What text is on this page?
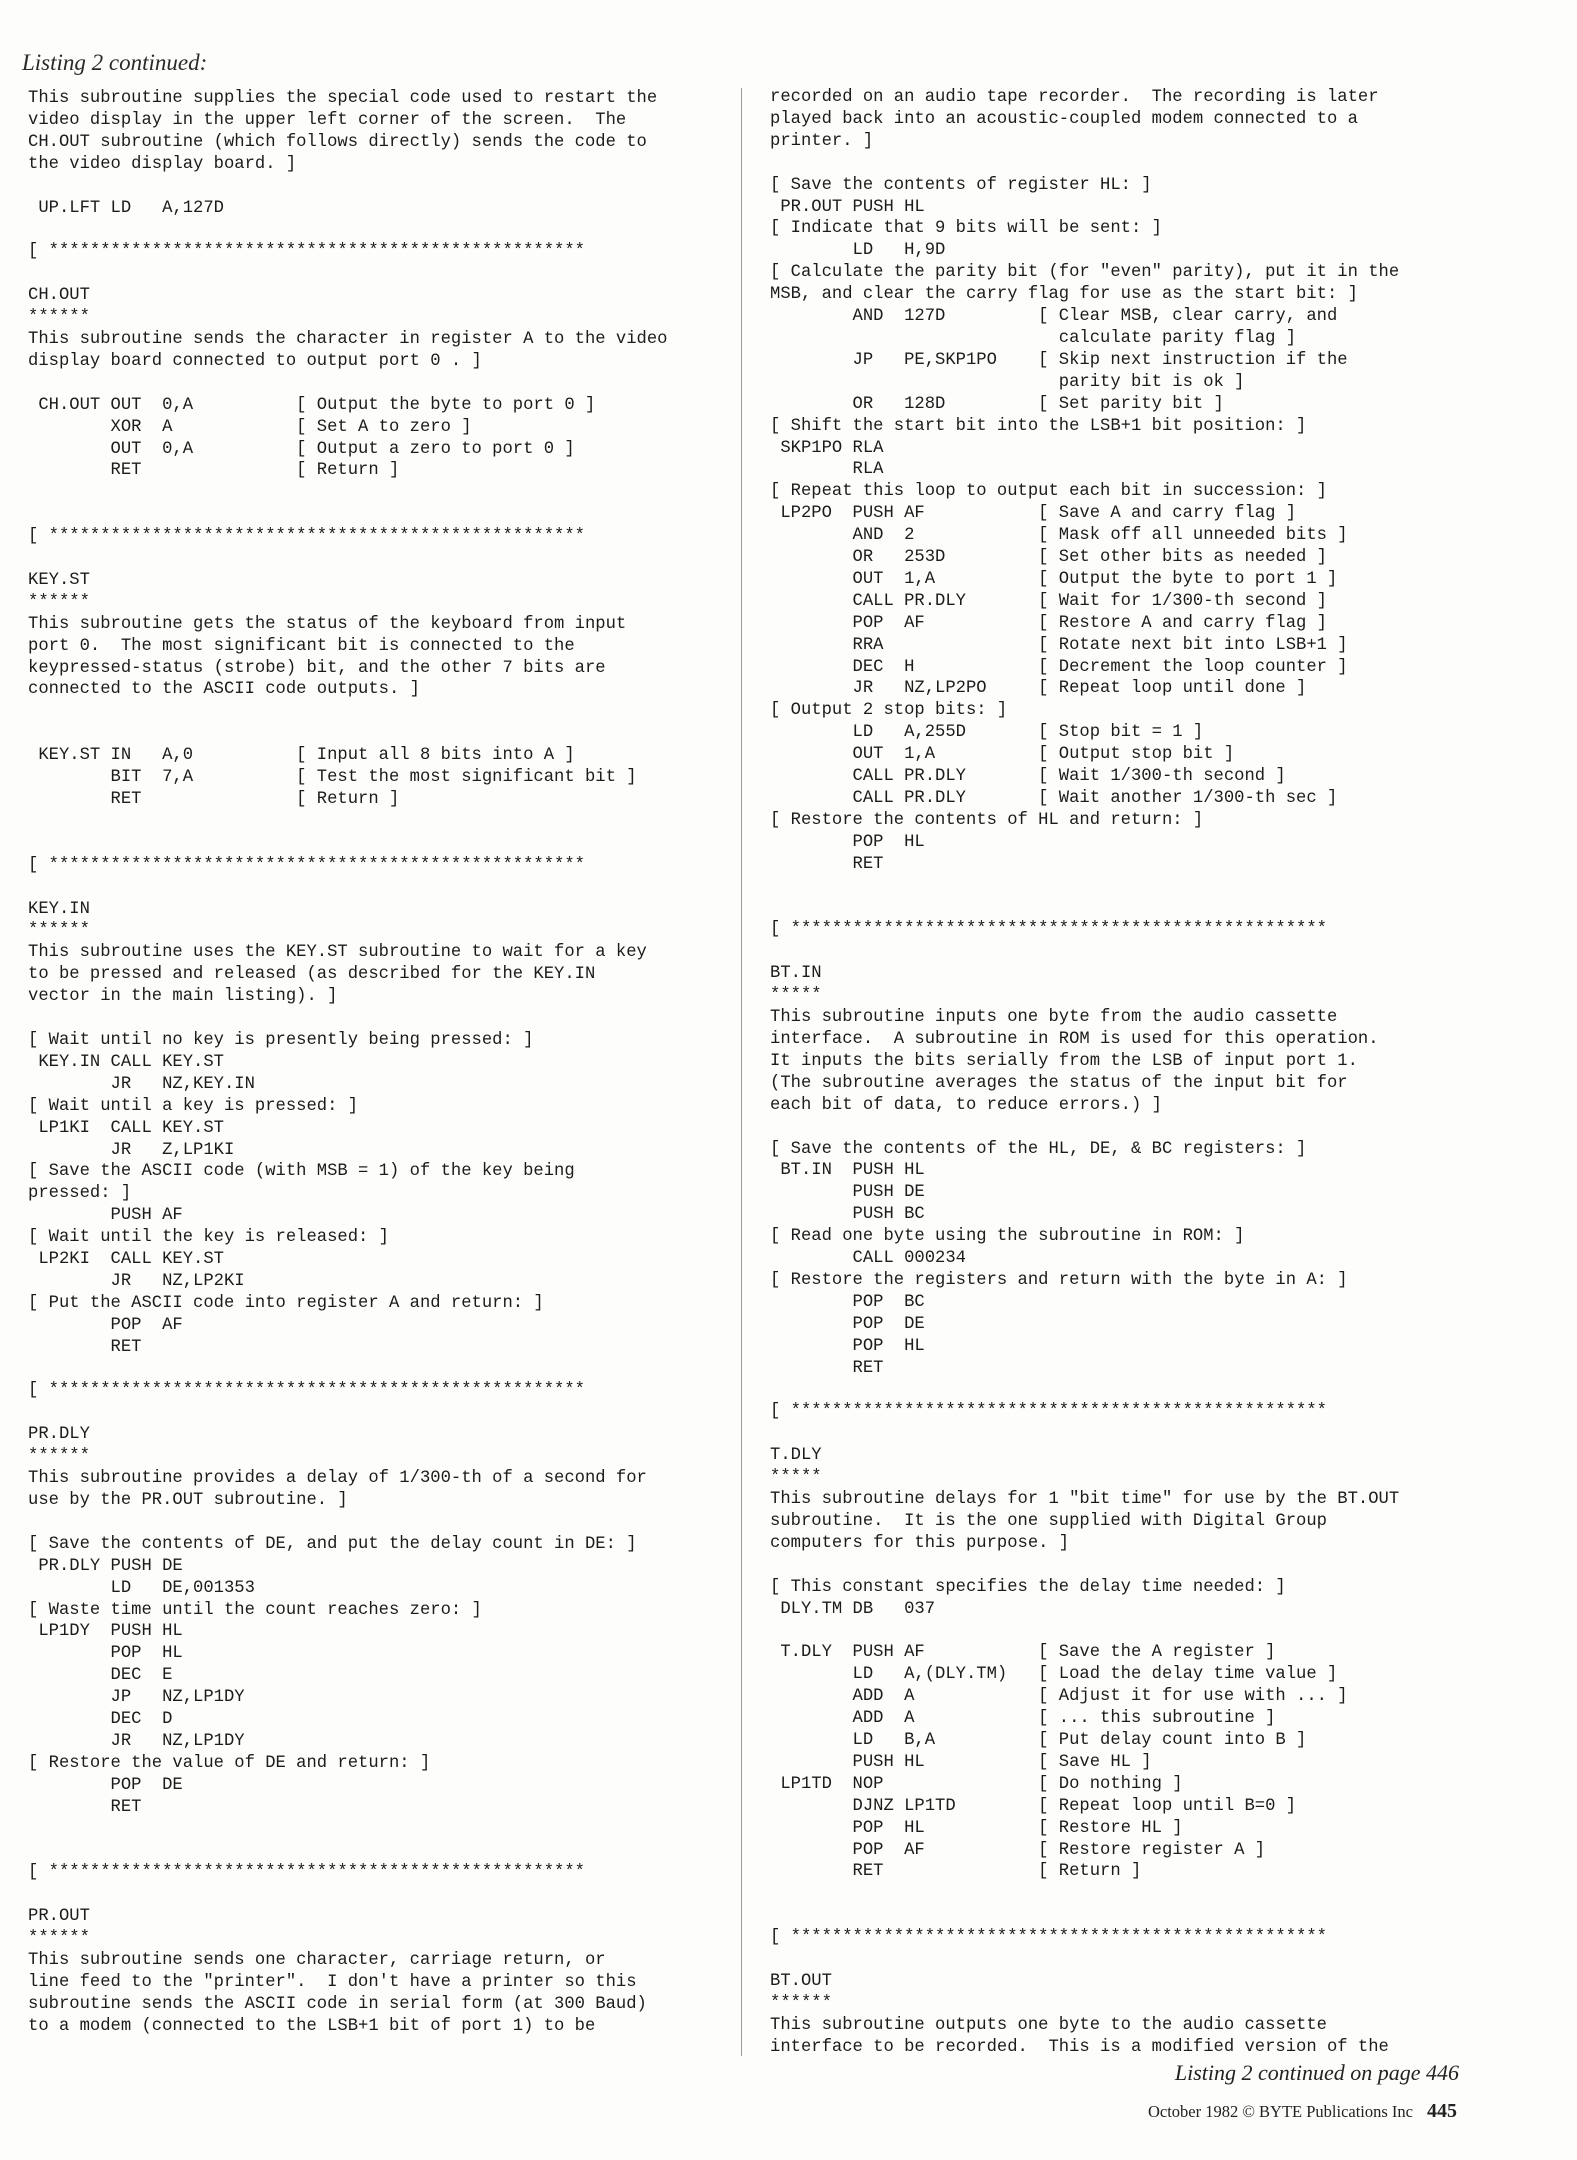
Listing 2 continued:
This subroutine supplies the special code used to restart the
video display in the upper left corner of the screen.  The
CH.OUT subroutine (which follows directly) sends the code to
the video display board. ]

UP.LFT LD   A,127D

[ ****************************************************

CH.OUT
******
This subroutine sends the character in register A to the video
display board connected to output port 0 . ]

CH.OUT OUT  0,A          [ Output the byte to port 0 ]
XOR  A            [ Set A to zero ]
OUT  0,A          [ Output a zero to port 0 ]
RET               [ Return ]

[ ****************************************************

KEY.ST
******
This subroutine gets the status of the keyboard from input
port 0.  The most significant bit is connected to the
keypressed-status (strobe) bit, and the other 7 bits are
connected to the ASCII code outputs. ]

KEY.ST IN   A,0          [ Input all 8 bits into A ]
BIT  7,A          [ Test the most significant bit ]
RET               [ Return ]

[ ****************************************************

KEY.IN
******
This subroutine uses the KEY.ST subroutine to wait for a key
to be pressed and released (as described for the KEY.IN
vector in the main listing). ]

[ Wait until no key is presently being pressed: ]
KEY.IN CALL KEY.ST
JR   NZ,KEY.IN
[ Wait until a key is pressed: ]
LP1KI  CALL KEY.ST
JR   Z,LP1KI
[ Save the ASCII code (with MSB = 1) of the key being
pressed: ]
PUSH AF
[ Wait until the key is released: ]
LP2KI  CALL KEY.ST
JR   NZ,LP2KI
[ Put the ASCII code into register A and return: ]
POP  AF
RET

[ ****************************************************

PR.DLY
******
This subroutine provides a delay of 1/300-th of a second for
use by the PR.OUT subroutine. ]

[ Save the contents of DE, and put the delay count in DE: ]
PR.DLY PUSH DE
LD   DE,001353
[ Waste time until the count reaches zero: ]
LP1DY  PUSH HL
POP  HL
DEC  E
JP   NZ,LP1DY
DEC  D
JR   NZ,LP1DY
[ Restore the value of DE and return: ]
POP  DE
RET

[ ****************************************************

PR.OUT
******
This subroutine sends one character, carriage return, or
line feed to the "printer".  I don't have a printer so this
subroutine sends the ASCII code in serial form (at 300 Baud)
to a modem (connected to the LSB+1 bit of port 1) to be
recorded on an audio tape recorder.  The recording is later
played back into an acoustic-coupled modem connected to a
printer. ]

[ Save the contents of register HL: ]
PR.OUT PUSH HL
[ Indicate that 9 bits will be sent: ]
LD   H,9D
[ Calculate the parity bit (for "even" parity), put it in the
MSB, and clear the carry flag for use as the start bit: ]
AND  127D         [ Clear MSB, clear carry, and
calculate parity flag ]
JP   PE,SKP1PO    [ Skip next instruction if the
parity bit is ok ]
OR   128D         [ Set parity bit ]
[ Shift the start bit into the LSB+1 bit position: ]
SKP1PO RLA
RLA
[ Repeat this loop to output each bit in succession: ]
LP2PO  PUSH AF           [ Save A and carry flag ]
AND  2            [ Mask off all unneeded bits ]
OR   253D         [ Set other bits as needed ]
OUT  1,A          [ Output the byte to port 1 ]
CALL PR.DLY       [ Wait for 1/300-th second ]
POP  AF           [ Restore A and carry flag ]
RRA               [ Rotate next bit into LSB+1 ]
DEC  H            [ Decrement the loop counter ]
JR   NZ,LP2PO     [ Repeat loop until done ]
[ Output 2 stop bits: ]
LD   A,255D       [ Stop bit = 1 ]
OUT  1,A          [ Output stop bit ]
CALL PR.DLY       [ Wait 1/300-th second ]
CALL PR.DLY       [ Wait another 1/300-th sec ]
[ Restore the contents of HL and return: ]
POP  HL
RET

[ ****************************************************

BT.IN
*****
This subroutine inputs one byte from the audio cassette
interface.  A subroutine in ROM is used for this operation.
It inputs the bits serially from the LSB of input port 1.
(The subroutine averages the status of the input bit for
each bit of data, to reduce errors.) ]

[ Save the contents of the HL, DE, & BC registers: ]
BT.IN  PUSH HL
PUSH DE
PUSH BC
[ Read one byte using the subroutine in ROM: ]
CALL 000234
[ Restore the registers and return with the byte in A: ]
POP  BC
POP  DE
POP  HL
RET

[ ****************************************************

T.DLY
*****
This subroutine delays for 1 "bit time" for use by the BT.OUT
subroutine.  It is the one supplied with Digital Group
computers for this purpose. ]

[ This constant specifies the delay time needed: ]
DLY.TM DB   037

T.DLY  PUSH AF           [ Save the A register ]
LD   A,(DLY.TM)   [ Load the delay time value ]
ADD  A            [ Adjust it for use with ... ]
ADD  A            [ ... this subroutine ]
LD   B,A          [ Put delay count into B ]
PUSH HL           [ Save HL ]
LP1TD  NOP               [ Do nothing ]
DJNZ LP1TD        [ Repeat loop until B=0 ]
POP  HL           [ Restore HL ]
POP  AF           [ Restore register A ]
RET               [ Return ]

[ ****************************************************

BT.OUT
******
This subroutine outputs one byte to the audio cassette
interface to be recorded.  This is a modified version of the
Listing 2 continued on page 446
October 1982 © BYTE Publications Inc 445
